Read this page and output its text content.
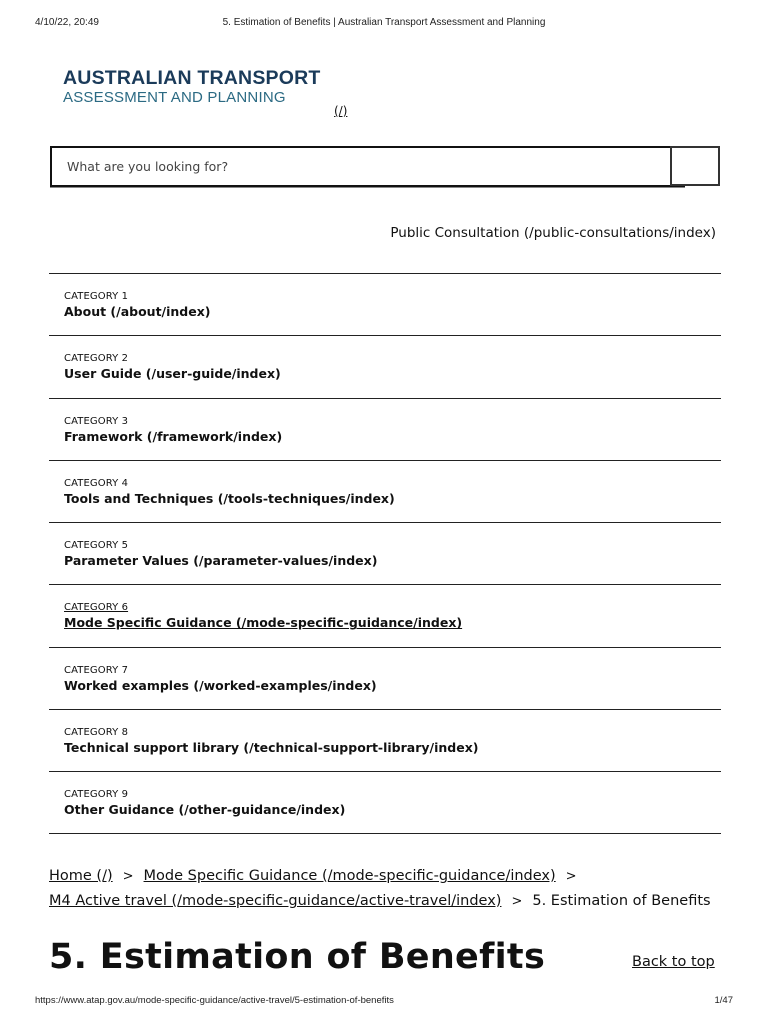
4/10/22, 20:49	5. Estimation of Benefits | Australian Transport Assessment and Planning
AUSTRALIAN TRANSPORT
ASSESSMENT AND PLANNING
(/)
What are you looking for?
Public Consultation (/public-consultations/index)
CATEGORY 1
About (/about/index)
CATEGORY 2
User Guide (/user-guide/index)
CATEGORY 3
Framework (/framework/index)
CATEGORY 4
Tools and Techniques (/tools-techniques/index)
CATEGORY 5
Parameter Values (/parameter-values/index)
CATEGORY 6
Mode Specific Guidance (/mode-specific-guidance/index)
CATEGORY 7
Worked examples (/worked-examples/index)
CATEGORY 8
Technical support library (/technical-support-library/index)
CATEGORY 9
Other Guidance (/other-guidance/index)
Home (/) > Mode Specific Guidance (/mode-specific-guidance/index) >
M4 Active travel (/mode-specific-guidance/active-travel/index) > 5. Estimation of Benefits
5. Estimation of Benefits	Back to top
https://www.atap.gov.au/mode-specific-guidance/active-travel/5-estimation-of-benefits	1/47
